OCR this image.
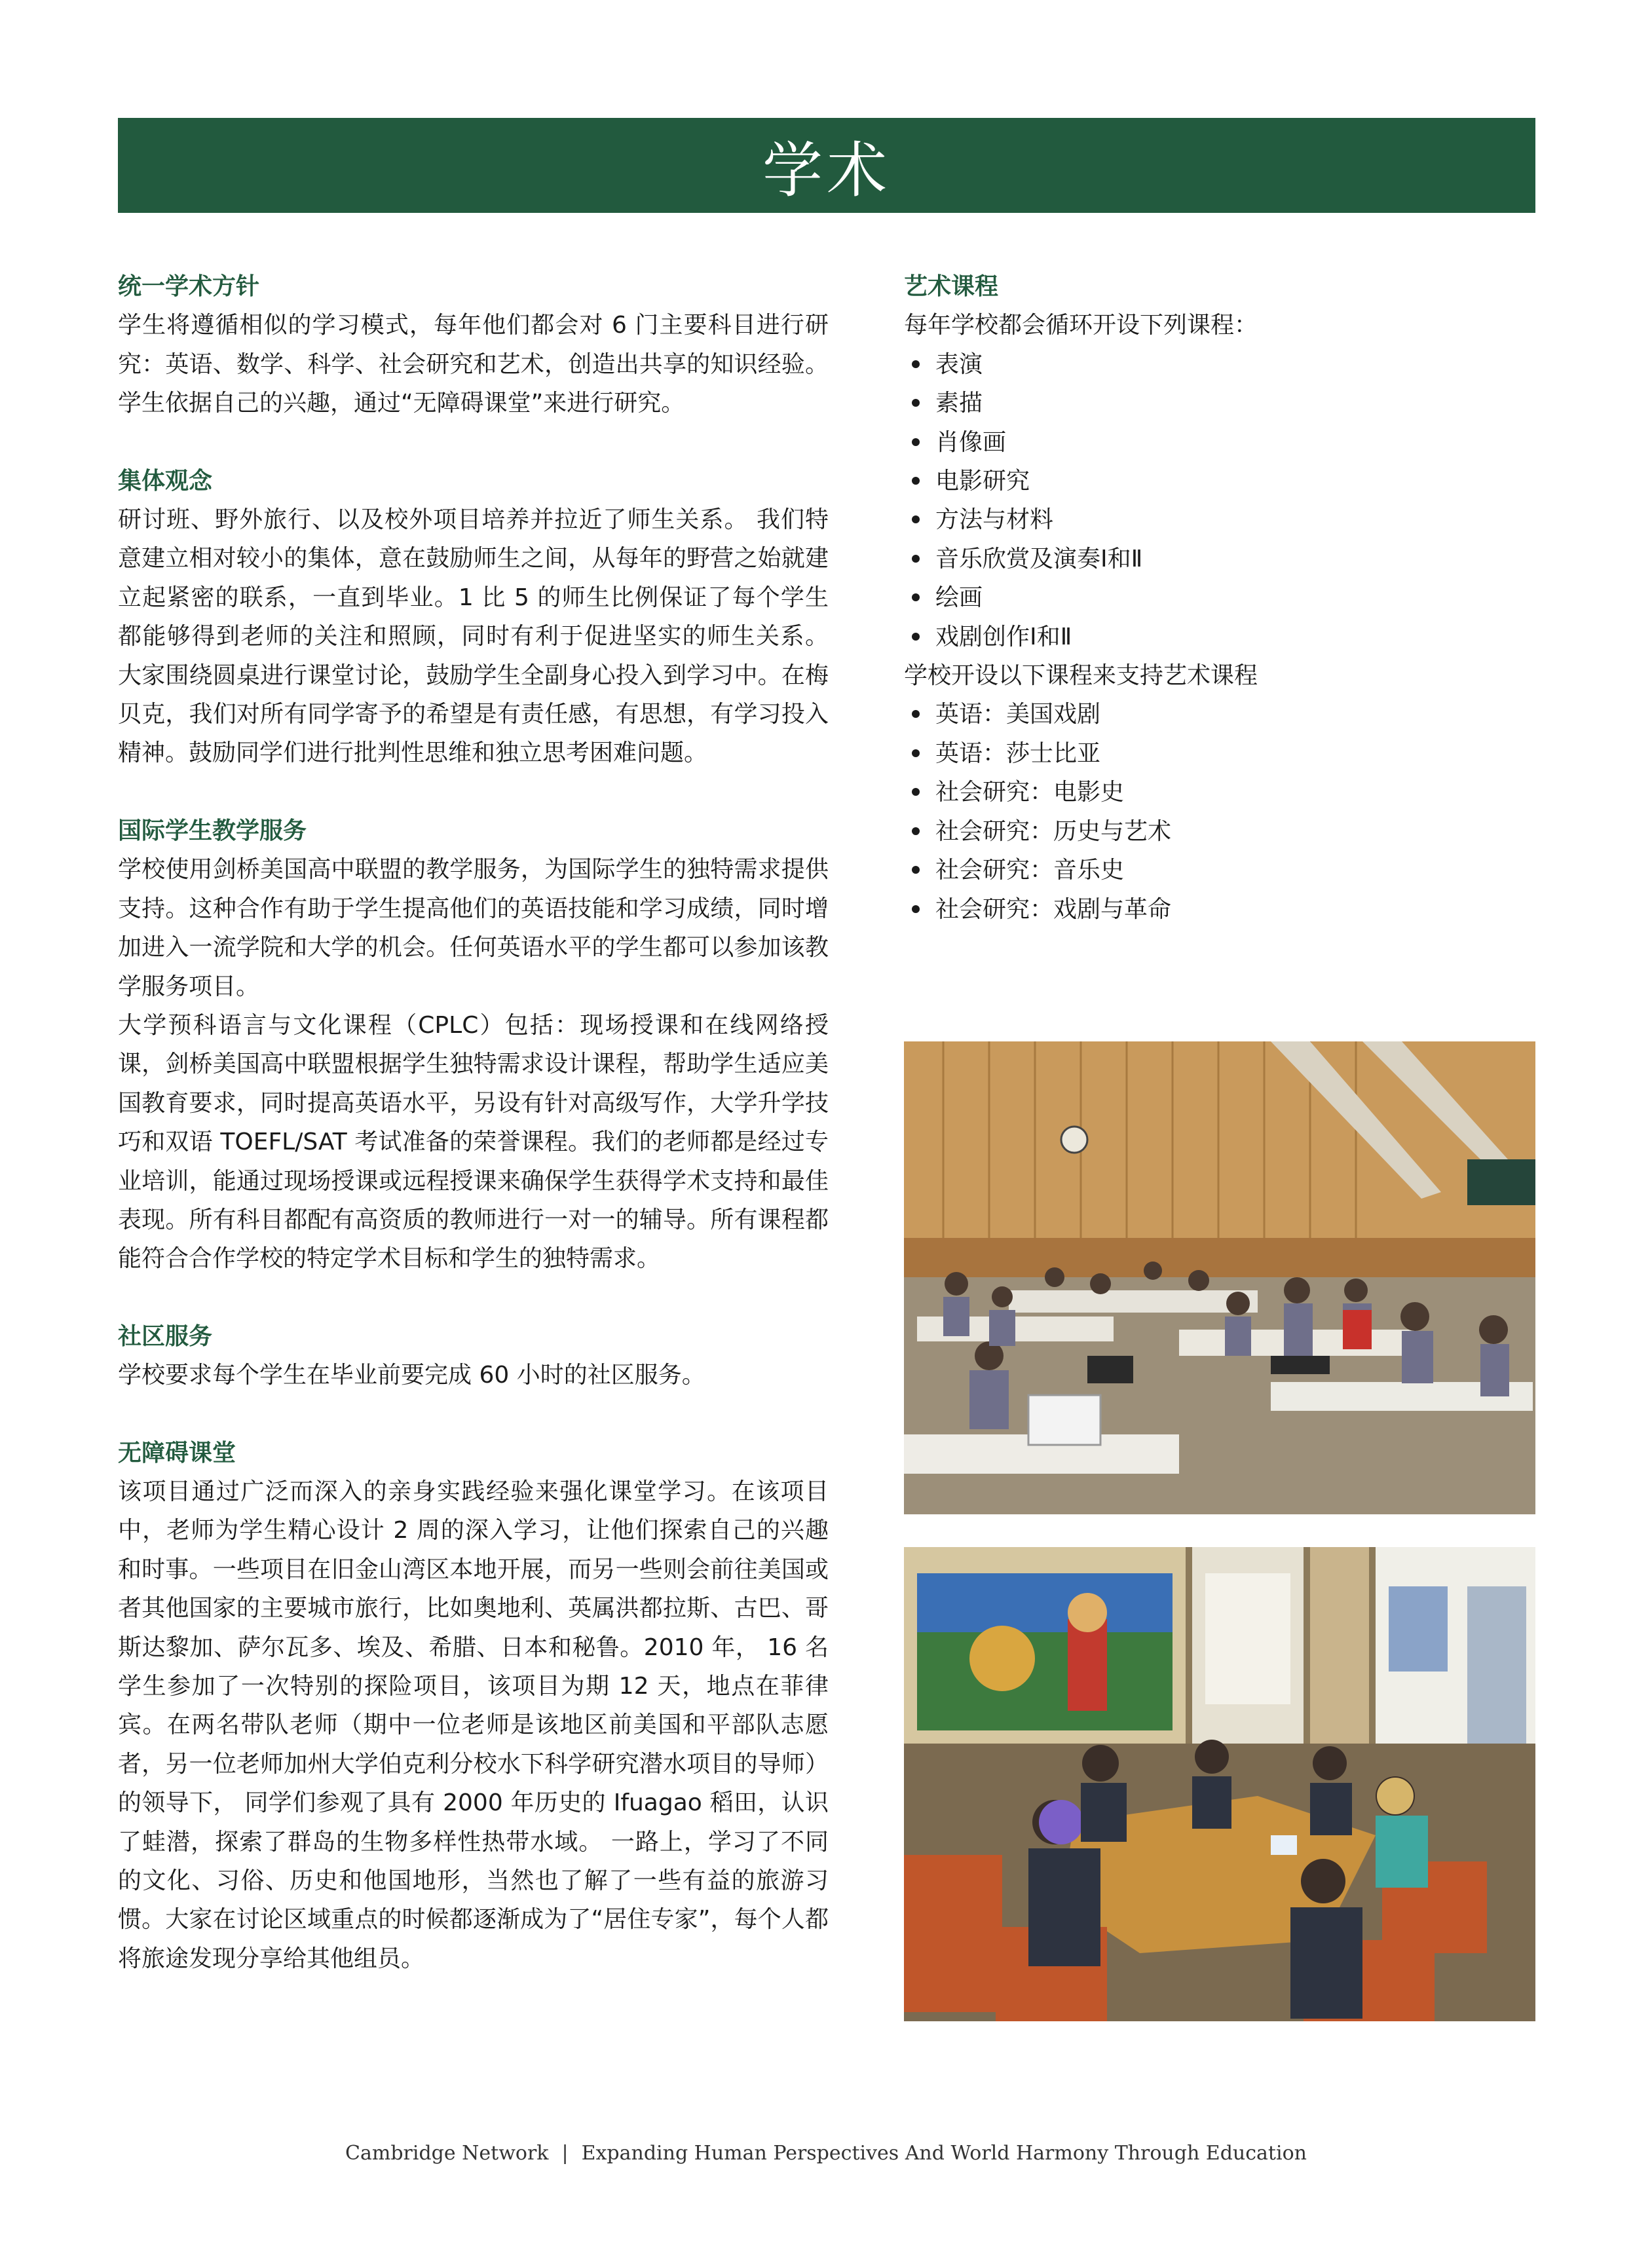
学术
统一学术方针

学生将遵循相似的学习模式，每年他们都会对 6 门主要科目进行研究：英语、数学、科学、社会研究和艺术，创造出共享的知识经验。学生依据自己的兴趣，通过“无障碍课堂”来进行研究。

集体观念

研讨班、野外旅行、以及校外项目培养并拉近了师生关系。 我们特意建立相对较小的集体，意在鼓励师生之间，从每年的野营之始就建立起紧密的联系，一直到毕业。1 比 5 的师生比例保证了每个学生都能够得到老师的关注和照顾，同时有利于促进坚实的师生关系。 大家围绕圆桌进行课堂讨论，鼓励学生全副身心投入到学习中。在梅贝克，我们对所有同学寄予的希望是有责任感，有思想，有学习投入精神。鼓励同学们进行批判性思维和独立思考困难问题。

国际学生教学服务

学校使用剑桥美国高中联盟的教学服务，为国际学生的独特需求提供支持。这种合作有助于学生提高他们的英语技能和学习成绩，同时增加进入一流学院和大学的机会。任何英语水平的学生都可以参加该教学服务项目。

大学预科语言与文化课程（CPLC）包括：现场授课和在线网络授课，剑桥美国高中联盟根据学生独特需求设计课程，帮助学生适应美国教育要求，同时提高英语水平，另设有针对高级写作，大学升学技巧和双语 TOEFL/SAT 考试准备的荣誉课程。我们的老师都是经过专业培训，能通过现场授课或远程授课来确保学生获得学术支持和最佳表现。所有科目都配有高资质的教师进行一对一的辅导。所有课程都能符合合作学校的特定学术目标和学生的独特需求。

社区服务

学校要求每个学生在毕业前要完成 60 小时的社区服务。

无障碍课堂

该项目通过广泛而深入的亲身实践经验来强化课堂学习。在该项目中，老师为学生精心设计 2 周的深入学习，让他们探索自己的兴趣和时事。一些项目在旧金山湾区本地开展，而另一些则会前往美国或者其他国家的主要城市旅行，比如奥地利、英属洪都拉斯、古巴、哥斯达黎加、萨尔瓦多、埃及、希腊、日本和秘鲁。2010 年， 16 名学生参加了一次特别的探险项目，该项目为期 12 天，地点在菲律宾。在两名带队老师（期中一位老师是该地区前美国和平部队志愿者，另一位老师加州大学伯克利分校水下科学研究潜水项目的导师）的领导下， 同学们参观了具有 2000 年历史的 Ifuagao 稻田，认识了蛙潜，探索了群岛的生物多样性热带水域。 一路上，学习了不同的文化、习俗、历史和他国地形，当然也了解了一些有益的旅游习惯。大家在讨论区域重点的时候都逐渐成为了“居住专家”，每个人都将旅途发现分享给其他组员。

艺术课程

每年学校都会循环开设下列课程：

表演
素描
肖像画
电影研究
方法与材料
音乐欣赏及演奏Ⅰ和Ⅱ
绘画
戏剧创作Ⅰ和Ⅱ

学校开设以下课程来支持艺术课程

英语：美国戏剧
英语：莎士比亚
社会研究：电影史
社会研究：历史与艺术
社会研究：音乐史
社会研究：戏剧与革命
Cambridge Network | Expanding Human Perspectives And World Harmony Through Education
